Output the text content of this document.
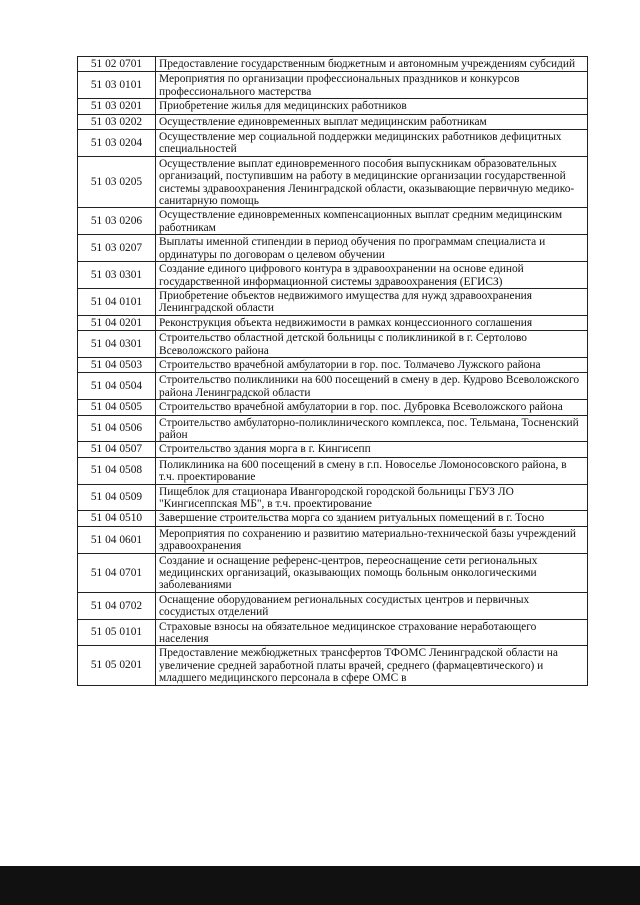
51 02 0701	Предоставление государственным бюджетным и автономным учреждениям субсидий
51 03 0101	Мероприятия по организации профессиональных праздников и конкурсов профессионального мастерства
51 03 0201	Приобретение жилья для медицинских работников
51 03 0202	Осуществление единовременных выплат медицинским работникам
51 03 0204	Осуществление мер социальной поддержки медицинских работников дефицитных специальностей
51 03 0205	Осуществление выплат единовременного пособия выпускникам образовательных организаций, поступившим на работу в медицинские организации государственной системы здравоохранения Ленинградской области, оказывающие первичную медико-санитарную помощь
51 03 0206	Осуществление единовременных компенсационных выплат средним медицинским работникам
51 03 0207	Выплаты именной стипендии в период обучения по программам специалиста и ординатуры по договорам о целевом обучении
51 03 0301	Создание единого цифрового контура в здравоохранении на основе единой государственной информационной системы здравоохранения (ЕГИСЗ)
51 04 0101	Приобретение объектов недвижимого имущества для нужд здравоохранения Ленинградской области
51 04 0201	Реконструкция объекта недвижимости в рамках концессионного соглашения
51 04 0301	Строительство областной детской больницы с поликлиникой в г. Сертолово Всеволожского района
51 04 0503	Строительство врачебной амбулатории в гор. пос. Толмачево Лужского района
51 04 0504	Строительство поликлиники на 600 посещений в смену в дер. Кудрово Всеволожского района Ленинградской области
51 04 0505	Строительство врачебной амбулатории в гор. пос. Дубровка Всеволожского района
51 04 0506	Строительство амбулаторно-поликлинического комплекса, пос. Тельмана, Тосненский район
51 04 0507	Строительство здания морга в г. Кингисепп
51 04 0508	Поликлиника на 600 посещений в смену в г.п. Новоселье Ломоносовского района, в т.ч. проектирование
51 04 0509	Пищеблок для стационара Ивангородской городской больницы ГБУЗ ЛО "Кингисеппская МБ", в т.ч. проектирование
51 04 0510	Завершение строительства морга со зданием ритуальных помещений в г. Тосно
51 04 0601	Мероприятия по сохранению и развитию материально-технической базы учреждений здравоохранения
51 04 0701	Создание и оснащение референс-центров, переоснащение сети региональных медицинских организаций, оказывающих помощь больным онкологическими заболеваниями
51 04 0702	Оснащение оборудованием региональных сосудистых центров и первичных сосудистых отделений
51 05 0101	Страховые взносы на обязательное медицинское страхование неработающего населения
51 05 0201	Предоставление межбюджетных трансфертов ТФОМС Ленинградской области на увеличение средней заработной платы врачей, среднего (фармацевтического) и младшего медицинского персонала в сфере ОМС в
